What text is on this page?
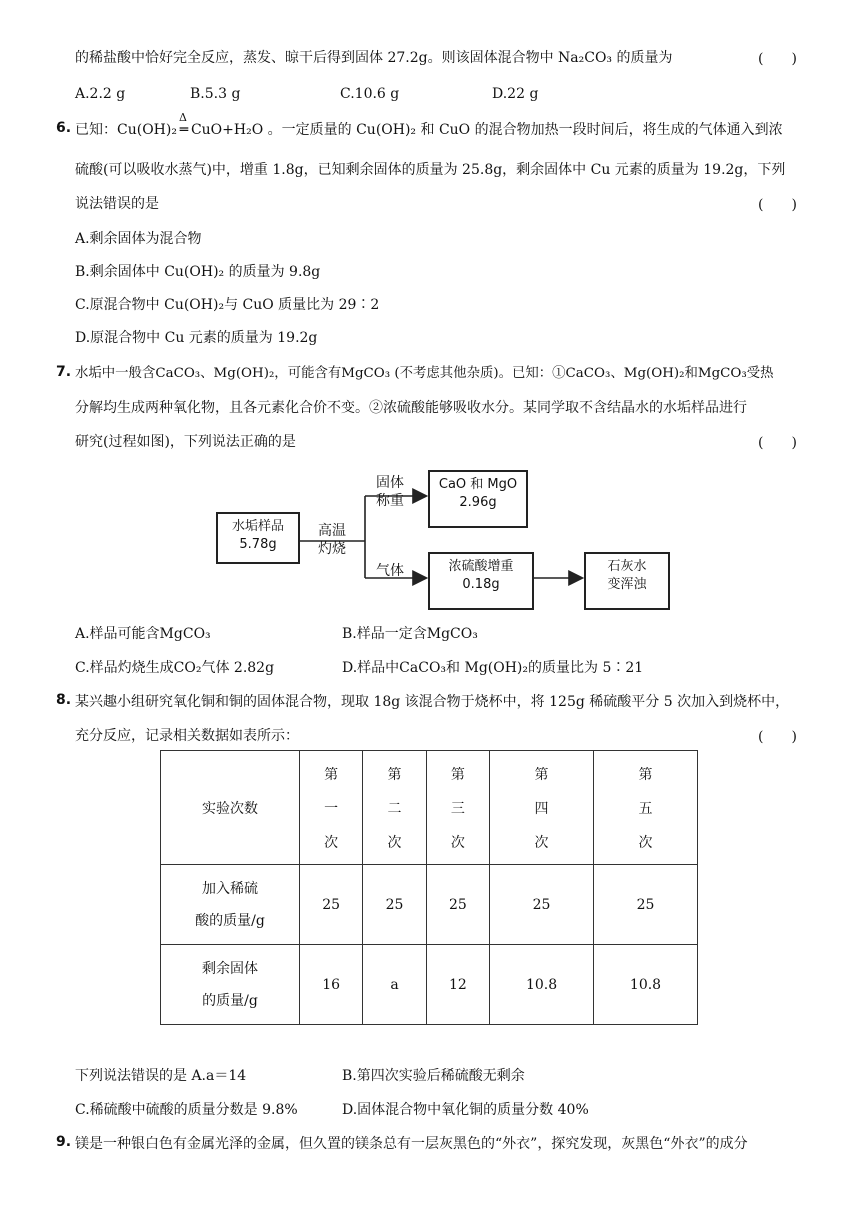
的稀盐酸中恰好完全反应，蒸发、晾干后得到固体 27.2g。则该固体混合物中 Na₂CO₃ 的质量为	(　　)
A.2.2 g	B.5.3 g	C.10.6 g	D.22 g
6. 已知：Cu(OH)₂
Δ
═ CuO+H₂O 。一定质量的 Cu(OH)₂ 和 CuO 的混合物加热一段时间后，将生成的气体通入到浓
硫酸(可以吸收水蒸气)中，增重 1.8g，已知剩余固体的质量为 25.8g，剩余固体中 Cu 元素的质量为 19.2g，下列
说法错误的是	(　　)
A.剩余固体为混合物
B.剩余固体中 Cu(OH)₂ 的质量为 9.8g
C.原混合物中 Cu(OH)₂与 CuO 质量比为 29∶2
D.原混合物中 Cu 元素的质量为 19.2g
7. 水垢中一般含CaCO₃、Mg(OH)₂，可能含有MgCO₃ (不考虑其他杂质)。已知：①CaCO₃、Mg(OH)₂和MgCO₃受热
分解均生成两种氧化物，且各元素化合价不变。②浓硫酸能够吸收水分。某同学取不含结晶水的水垢样品进行
研究(过程如图)，下列说法正确的是	(　　)
水垢样品
5.78g
高温
灼烧
固体
称重
CaO 和 MgO
2.96g
气体	浓硫酸增重
0.18g
石灰水
变浑浊
A.样品可能含MgCO₃	B.样品一定含MgCO₃
C.样品灼烧生成CO₂气体 2.82g	D.样品中CaCO₃和 Mg(OH)₂的质量比为 5∶21
8. 某兴趣小组研究氧化铜和铜的固体混合物，现取 18g 该混合物于烧杯中，将 125g 稀硫酸平分 5 次加入到烧杯中，
充分反应，记录相关数据如表所示：	(　　)
实验次数	第
一
次	第
二
次	第
三
次	第
四
次	第
五
次

加入稀硫
酸的质量/g	25	25	25	25	25

剩余固体
的质量/g	16	a	12	10.8	10.8
下列说法错误的是 A.a＝14	B.第四次实验后稀硫酸无剩余
C.稀硫酸中硫酸的质量分数是 9.8%	D.固体混合物中氧化铜的质量分数 40%
9. 镁是一种银白色有金属光泽的金属，但久置的镁条总有一层灰黑色的“外衣”，探究发现，灰黑色“外衣”的成分
